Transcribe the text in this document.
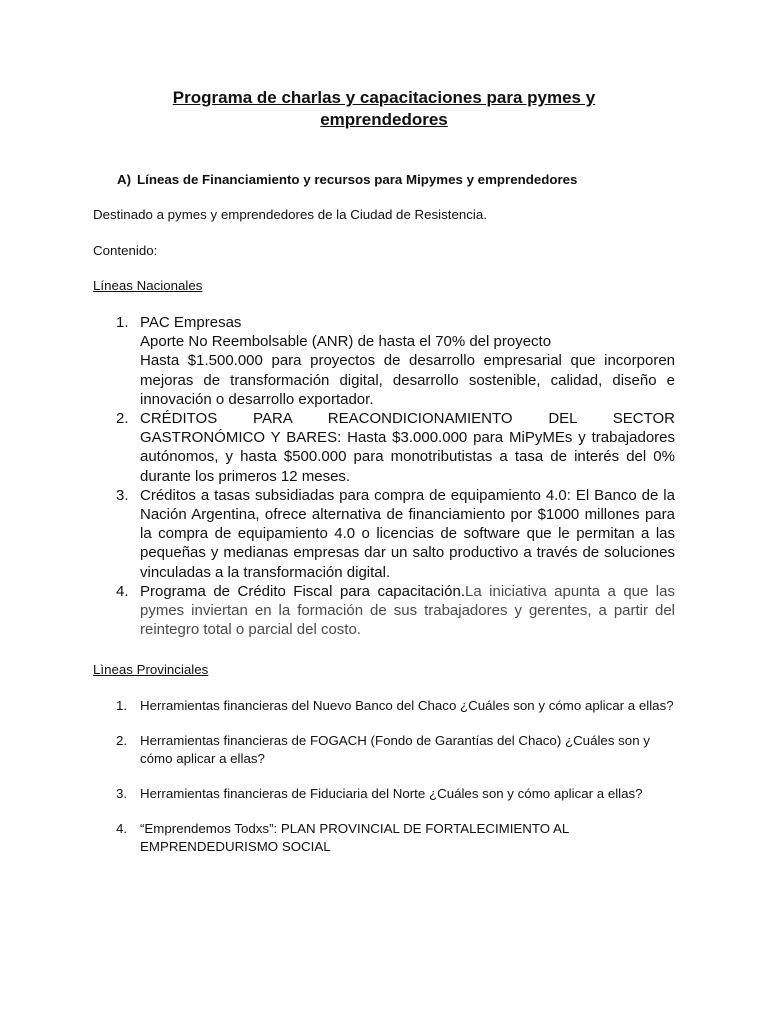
Programa de charlas y capacitaciones para pymes y emprendedores
A) Líneas de Financiamiento y recursos para Mipymes y emprendedores
Destinado a pymes y emprendedores de la Ciudad de Resistencia.
Contenido:
Líneas Nacionales
1. PAC Empresas
Aporte No Reembolsable (ANR) de hasta el 70% del proyecto
Hasta $1.500.000 para proyectos de desarrollo empresarial que incorporen mejoras de transformación digital, desarrollo sostenible, calidad, diseño e innovación o desarrollo exportador.
2. CRÉDITOS PARA REACONDICIONAMIENTO DEL SECTOR GASTRONÓMICO Y BARES: Hasta $3.000.000 para MiPyMEs y trabajadores autónomos, y hasta $500.000 para monotributistas a tasa de interés del 0% durante los primeros 12 meses.
3. Créditos a tasas subsidiadas para compra de equipamiento 4.0: El Banco de la Nación Argentina, ofrece alternativa de financiamiento por $1000 millones para la compra de equipamiento 4.0 o licencias de software que le permitan a las pequeñas y medianas empresas dar un salto productivo a través de soluciones vinculadas a la transformación digital.
4. Programa de Crédito Fiscal para capacitación.La iniciativa apunta a que las pymes inviertan en la formación de sus trabajadores y gerentes, a partir del reintegro total o parcial del costo.
Lìneas Provinciales
1. Herramientas financieras del Nuevo Banco del Chaco ¿Cuáles son y cómo aplicar a ellas?
2. Herramientas financieras de FOGACH (Fondo de Garantías del Chaco) ¿Cuáles son y cómo aplicar a ellas?
3. Herramientas financieras de Fiduciaria del Norte ¿Cuáles son y cómo aplicar a ellas?
4. “Emprendemos Todxs”: PLAN PROVINCIAL DE FORTALECIMIENTO AL EMPRENDEDURISMO SOCIAL
